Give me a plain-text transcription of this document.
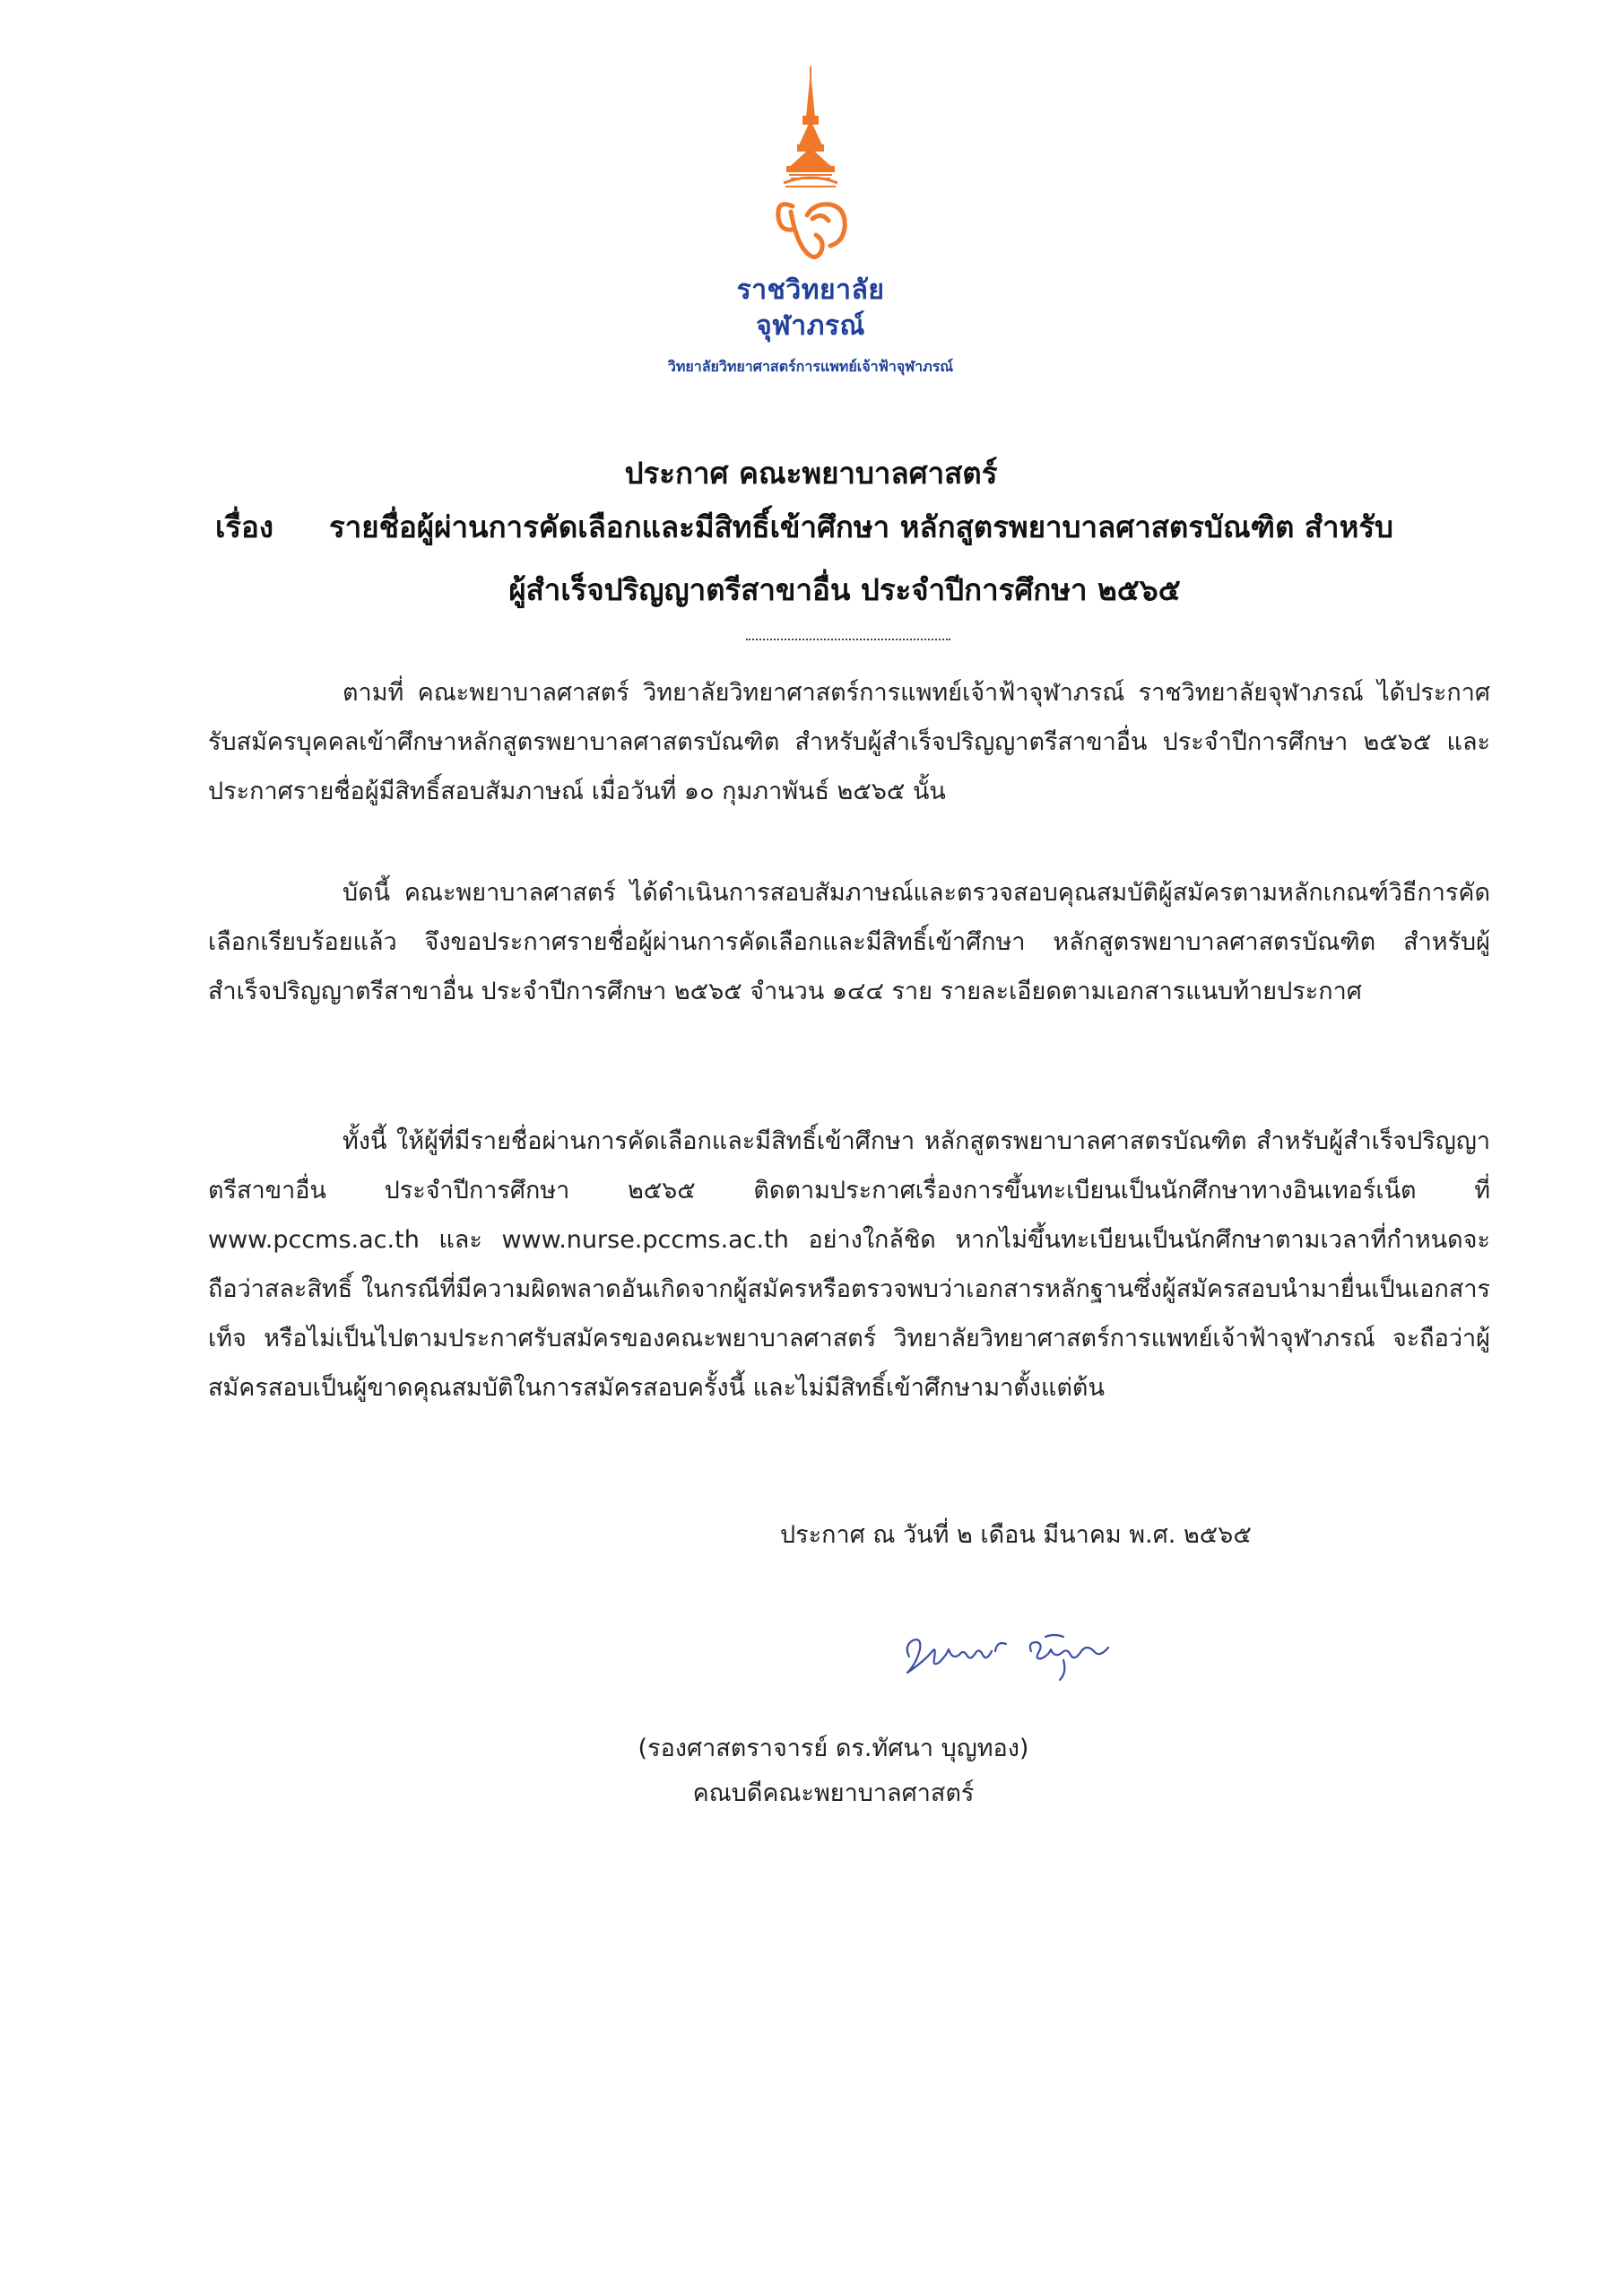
ราชวิทยาลัย
จุฬาภรณ์
วิทยาลัยวิทยาศาสตร์การแพทย์เจ้าฟ้าจุฬาภรณ์
ประกาศ คณะพยาบาลศาสตร์
เรื่อง รายชื่อผู้ผ่านการคัดเลือกและมีสิทธิ์เข้าศึกษา หลักสูตรพยาบาลศาสตรบัณฑิต สำหรับ
ผู้สำเร็จปริญญาตรีสาขาอื่น ประจำปีการศึกษา ๒๕๖๕
ตามที่ คณะพยาบาลศาสตร์ วิทยาลัยวิทยาศาสตร์การแพทย์เจ้าฟ้าจุฬาภรณ์ ราชวิทยาลัยจุฬาภรณ์ ได้ประกาศรับสมัครบุคคลเข้าศึกษาหลักสูตรพยาบาลศาสตรบัณฑิต สำหรับผู้สำเร็จปริญญาตรีสาขาอื่น ประจำปีการศึกษา ๒๕๖๕ และประกาศรายชื่อผู้มีสิทธิ์สอบสัมภาษณ์ เมื่อวันที่ ๑๐ กุมภาพันธ์ ๒๕๖๕ นั้น
บัดนี้ คณะพยาบาลศาสตร์ ได้ดำเนินการสอบสัมภาษณ์และตรวจสอบคุณสมบัติผู้สมัครตามหลักเกณฑ์วิธีการคัดเลือกเรียบร้อยแล้ว จึงขอประกาศรายชื่อผู้ผ่านการคัดเลือกและมีสิทธิ์เข้าศึกษา หลักสูตรพยาบาลศาสตรบัณฑิต สำหรับผู้สำเร็จปริญญาตรีสาขาอื่น ประจำปีการศึกษา ๒๕๖๕ จำนวน ๑๔๔ ราย รายละเอียดตามเอกสารแนบท้ายประกาศ
ทั้งนี้ ให้ผู้ที่มีรายชื่อผ่านการคัดเลือกและมีสิทธิ์เข้าศึกษา หลักสูตรพยาบาลศาสตรบัณฑิต สำหรับผู้สำเร็จปริญญาตรีสาขาอื่น ประจำปีการศึกษา ๒๕๖๕ ติดตามประกาศเรื่องการขึ้นทะเบียนเป็นนักศึกษาทางอินเทอร์เน็ต ที่ www.pccms.ac.th และ www.nurse.pccms.ac.th อย่างใกล้ชิด หากไม่ขึ้นทะเบียนเป็นนักศึกษาตามเวลาที่กำหนดจะถือว่าสละสิทธิ์ ในกรณีที่มีความผิดพลาดอันเกิดจากผู้สมัครหรือตรวจพบว่าเอกสารหลักฐานซึ่งผู้สมัครสอบนำมายื่นเป็นเอกสารเท็จ หรือไม่เป็นไปตามประกาศรับสมัครของคณะพยาบาลศาสตร์ วิทยาลัยวิทยาศาสตร์การแพทย์เจ้าฟ้าจุฬาภรณ์ จะถือว่าผู้สมัครสอบเป็นผู้ขาดคุณสมบัติในการสมัครสอบครั้งนี้ และไม่มีสิทธิ์เข้าศึกษามาตั้งแต่ต้น
ประกาศ ณ วันที่ ๒ เดือน มีนาคม พ.ศ. ๒๕๖๕
(รองศาสตราจารย์ ดร.ทัศนา บุญทอง)
คณบดีคณะพยาบาลศาสตร์
